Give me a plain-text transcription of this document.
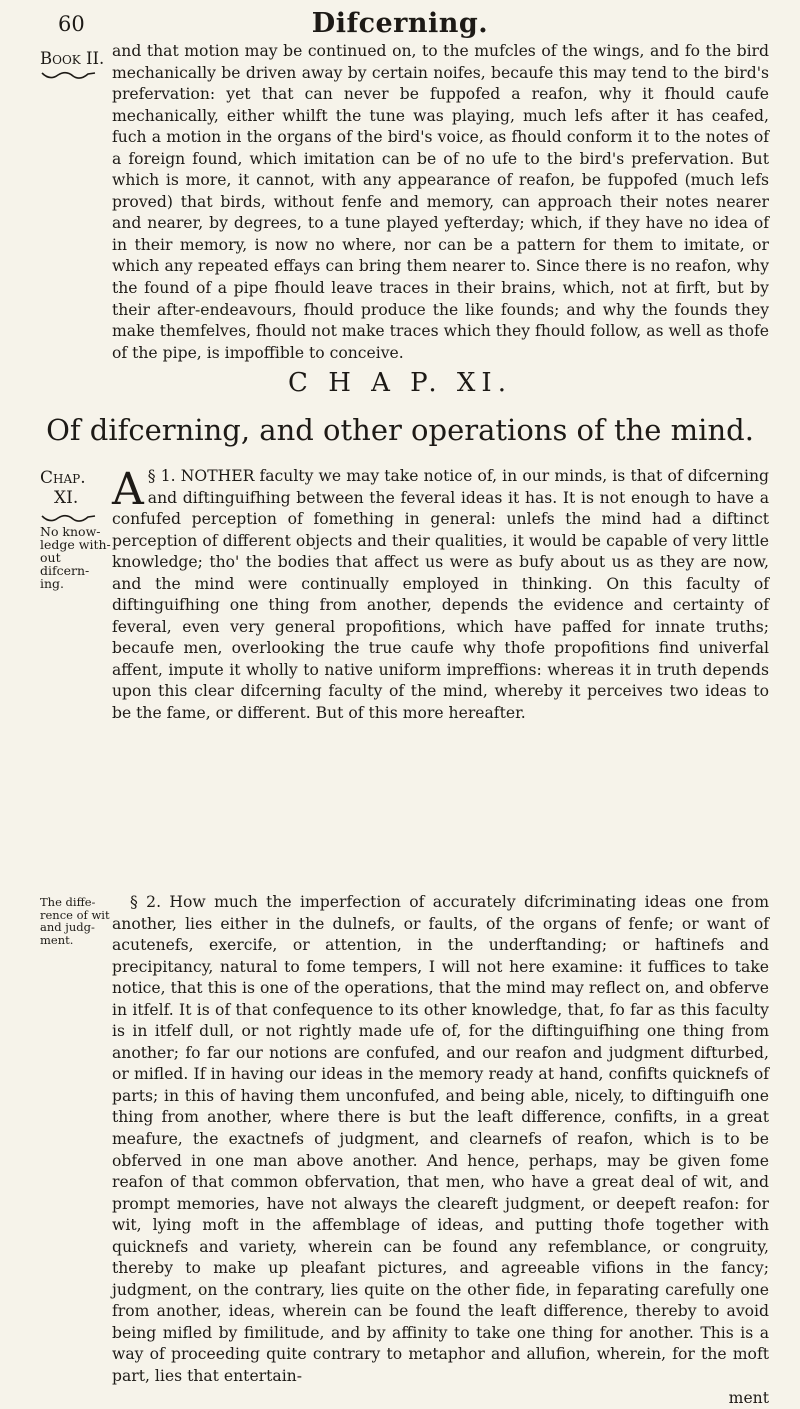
60	Difcerning.
Book II. and that motion may be continued on, to the mufcles of the wings, and fo the bird mechanically be driven away by certain noifes, becaufe this may tend to the bird's prefervation: yet that can never be fuppofed a reafon, why it fhould caufe mechanically, either whilft the tune was playing, much lefs after it has ceafed, fuch a motion in the organs of the bird's voice, as fhould conform it to the notes of a foreign found, which imitation can be of no ufe to the bird's prefervation. But which is more, it cannot, with any appearance of reafon, be fuppofed (much lefs proved) that birds, without fenfe and memory, can approach their notes nearer and nearer, by degrees, to a tune played yefterday; which, if they have no idea of in their memory, is now no where, nor can be a pattern for them to imitate, or which any repeated effays can bring them nearer to. Since there is no reafon, why the found of a pipe fhould leave traces in their brains, which, not at firft, but by their after-endeavours, fhould produce the like founds; and why the founds they make themfelves, fhould not make traces which they fhould follow, as well as thofe of the pipe, is impoffible to conceive.

C H A P. XI.
Of difcerning, and other operations of the mind.
Chap.
XI.
No know-ledge with-out difcern-ing.

§ 1.
A NOTHER faculty we may take notice of, in our minds, is that of difcerning and diftinguifhing between the feveral ideas it has. It is not enough to have a confufed perception of fomething in general: unlefs the mind had a diftinct perception of different objects and their qualities, it would be capable of very little knowledge; tho' the bodies that affect us were as bufy about us as they are now, and the mind were continually employed in thinking. On this faculty of diftinguifhing one thing from another, depends the evidence and certainty of feveral, even very general propofitions, which have paffed for innate truths; becaufe men, overlooking the true caufe why thofe propofitions find univerfal affent, impute it wholly to native uniform impreffions: whereas it in truth depends upon this clear difcerning faculty of the mind, whereby it perceives two ideas to be the fame, or different. But of this more hereafter.

The diffe-rence of wit and judg-ment.

§ 2. How much the imperfection of accurately difcriminating ideas one from another, lies either in the dulnefs, or faults, of the organs of fenfe; or want of acutenefs, exercife, or attention, in the underftanding; or haftinefs and precipitancy, natural to fome tempers, I will not here examine: it fuffices to take notice, that this is one of the operations, that the mind may reflect on, and obferve in itfelf. It is of that confequence to its other knowledge, that, fo far as this faculty is in itfelf dull, or not rightly made ufe of, for the diftinguifhing one thing from another; fo far our notions are confufed, and our reafon and judgment difturbed, or mifled. If in having our ideas in the memory ready at hand, confifts quicknefs of parts; in this of having them unconfufed, and being able, nicely, to diftinguifh one thing from another, where there is but the leaft difference, confifts, in a great meafure, the exactnefs of judgment, and clearnefs of reafon, which is to be obferved in one man above another. And hence, perhaps, may be given fome reafon of that common obfervation, that men, who have a great deal of wit, and prompt memories, have not always the cleareft judgment, or deepeft reafon: for wit, lying moft in the affemblage of ideas, and putting thofe together with quicknefs and variety, wherein can be found any refemblance, or congruity, thereby to make up pleafant pictures, and agreeable vifions in the fancy; judgment, on the contrary, lies quite on the other fide, in feparating carefully one from another, ideas, wherein can be found the leaft difference, thereby to avoid being mifled by fimilitude, and by affinity to take one thing for another. This is a way of proceeding quite contrary to metaphor and allufion, wherein, for the moft part, lies that entertain-

ment
